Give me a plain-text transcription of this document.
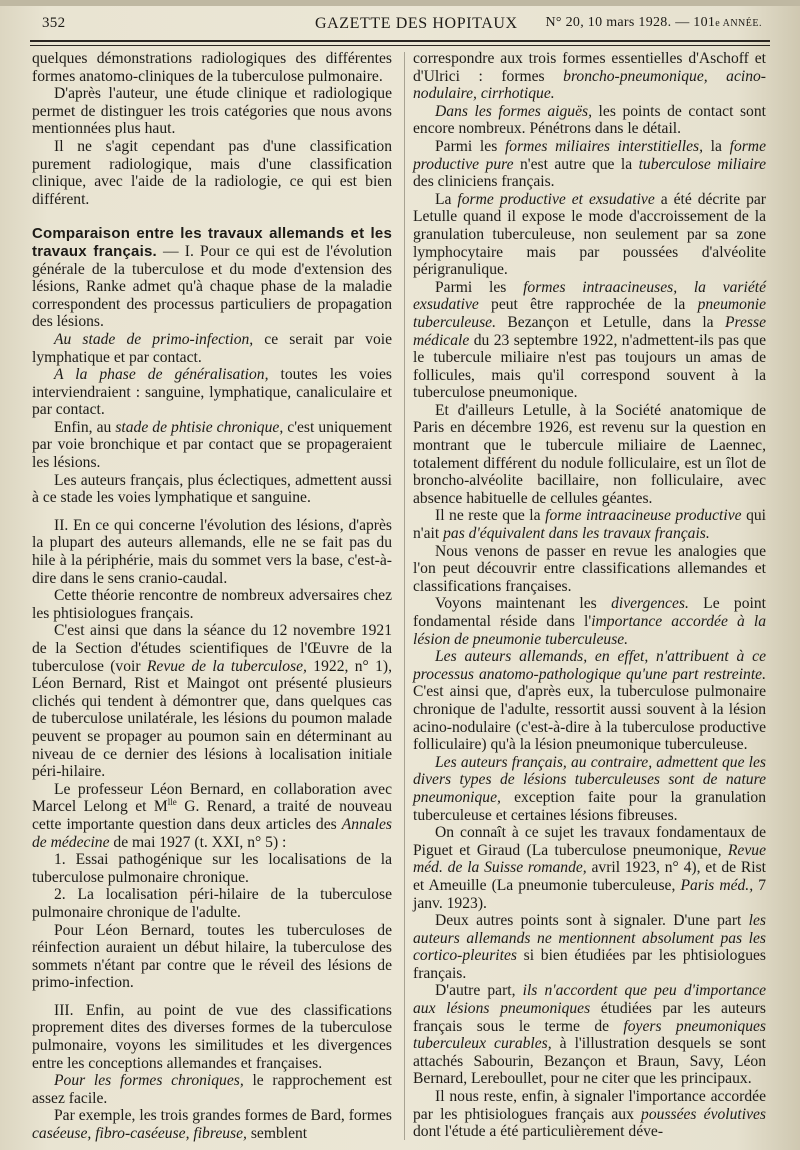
352	GAZETTE DES HOPITAUX N° 20, 10 mars 1928. — 101e ANNÉE.

quelques démonstrations radiologiques des différentes formes anatomo-cliniques de la tuberculose pulmonaire.

D'après l'auteur, une étude clinique et radiologique permet de distinguer les trois catégories que nous avons mentionnées plus haut.

Il ne s'agit cependant pas d'une classification purement radiologique, mais d'une classification clinique, avec l'aide de la radiologie, ce qui est bien différent.

Comparaison entre les travaux allemands et les travaux français. — I. Pour ce qui est de l'évolution générale de la tuberculose et du mode d'extension des lésions, Ranke admet qu'à chaque phase de la maladie correspondent des processus particuliers de propagation des lésions.

Au stade de primo-infection, ce serait par voie lymphatique et par contact.

A la phase de généralisation, toutes les voies interviendraient : sanguine, lymphatique, canaliculaire et par contact.

Enfin, au stade de phtisie chronique, c'est uniquement par voie bronchique et par contact que se propageraient les lésions.

Les auteurs français, plus éclectiques, admettent aussi à ce stade les voies lymphatique et sanguine.

II. En ce qui concerne l'évolution des lésions, d'après la plupart des auteurs allemands, elle ne se fait pas du hile à la périphérie, mais du sommet vers la base, c'est-à-dire dans le sens cranio-caudal.

Cette théorie rencontre de nombreux adversaires chez les phtisiologues français.

C'est ainsi que dans la séance du 12 novembre 1921 de la Section d'études scientifiques de l'Œuvre de la tuberculose (voir Revue de la tuberculose, 1922, n° 1), Léon Bernard, Rist et Maingot ont présenté plusieurs clichés qui tendent à démontrer que, dans quelques cas de tuberculose unilatérale, les lésions du poumon malade peuvent se propager au poumon sain en déterminant au niveau de ce dernier des lésions à localisation initiale péri-hilaire.

Le professeur Léon Bernard, en collaboration avec Marcel Lelong et $M^{lle}$ G. Renard, a traité de nouveau cette importante question dans deux articles des Annales de médecine de mai 1927 (t. XXI, n° 5) :

1. Essai pathogénique sur les localisations de la tuberculose pulmonaire chronique.

2. La localisation péri-hilaire de la tuberculose pulmonaire chronique de l'adulte.

Pour Léon Bernard, toutes les tuberculoses de réinfection auraient un début hilaire, la tuberculose des sommets n'étant par contre que le réveil des lésions de primo-infection.

III. Enfin, au point de vue des classifications proprement dites des diverses formes de la tuberculose pulmonaire, voyons les similitudes et les divergences entre les conceptions allemandes et françaises.

Pour les formes chroniques, le rapprochement est assez facile.

Par exemple, les trois grandes formes de Bard, formes caséeuse, fibro-caséeuse, fibreuse, semblent

correspondre aux trois formes essentielles d'Aschoff et d'Ulrici : formes broncho-pneumonique, acino-nodulaire, cirrhotique.

Dans les formes aiguës, les points de contact sont encore nombreux. Pénétrons dans le détail.

Parmi les formes miliaires interstitielles, la forme productive pure n'est autre que la tuberculose miliaire des cliniciens français.

La forme productive et exsudative a été décrite par Letulle quand il expose le mode d'accroissement de la granulation tuberculeuse, non seulement par sa zone lymphocytaire mais par poussées d'alvéolite périgranulique.

Parmi les formes intraacineuses, la variété exsudative peut être rapprochée de la pneumonie tuberculeuse. Bezançon et Letulle, dans la Presse médicale du 23 septembre 1922, n'admettent-ils pas que le tubercule miliaire n'est pas toujours un amas de follicules, mais qu'il correspond souvent à la tuberculose pneumonique.

Et d'ailleurs Letulle, à la Société anatomique de Paris en décembre 1926, est revenu sur la question en montrant que le tubercule miliaire de Laennec, totalement différent du nodule folliculaire, est un îlot de broncho-alvéolite bacillaire, non folliculaire, avec absence habituelle de cellules géantes.

Il ne reste que la forme intraacineuse productive qui n'ait pas d'équivalent dans les travaux français.

Nous venons de passer en revue les analogies que l'on peut découvrir entre classifications allemandes et classifications françaises.

Voyons maintenant les divergences. Le point fondamental réside dans l'importance accordée à la lésion de pneumonie tuberculeuse.

Les auteurs allemands, en effet, n'attribuent à ce processus anatomo-pathologique qu'une part restreinte. C'est ainsi que, d'après eux, la tuberculose pulmonaire chronique de l'adulte, ressortit aussi souvent à la lésion acino-nodulaire (c'est-à-dire à la tuberculose productive folliculaire) qu'à la lésion pneumonique tuberculeuse.

Les auteurs français, au contraire, admettent que les divers types de lésions tuberculeuses sont de nature pneumonique, exception faite pour la granulation tuberculeuse et certaines lésions fibreuses.

On connaît à ce sujet les travaux fondamentaux de Piguet et Giraud (La tuberculose pneumonique, Revue méd. de la Suisse romande, avril 1923, n° 4), et de Rist et Ameuille (La pneumonie tuberculeuse, Paris méd., 7 janv. 1923).

Deux autres points sont à signaler. D'une part les auteurs allemands ne mentionnent absolument pas les cortico-pleurites si bien étudiées par les phtisiologues français.

D'autre part, ils n'accordent que peu d'importance aux lésions pneumoniques étudiées par les auteurs français sous le terme de foyers pneumoniques tuberculeux curables, à l'illustration desquels se sont attachés Sabourin, Bezançon et Braun, Savy, Léon Bernard, Lereboullet, pour ne citer que les principaux.

Il nous reste, enfin, à signaler l'importance accordée par les phtisiologues français aux poussées évolutives dont l'étude a été particulièrement déve-
